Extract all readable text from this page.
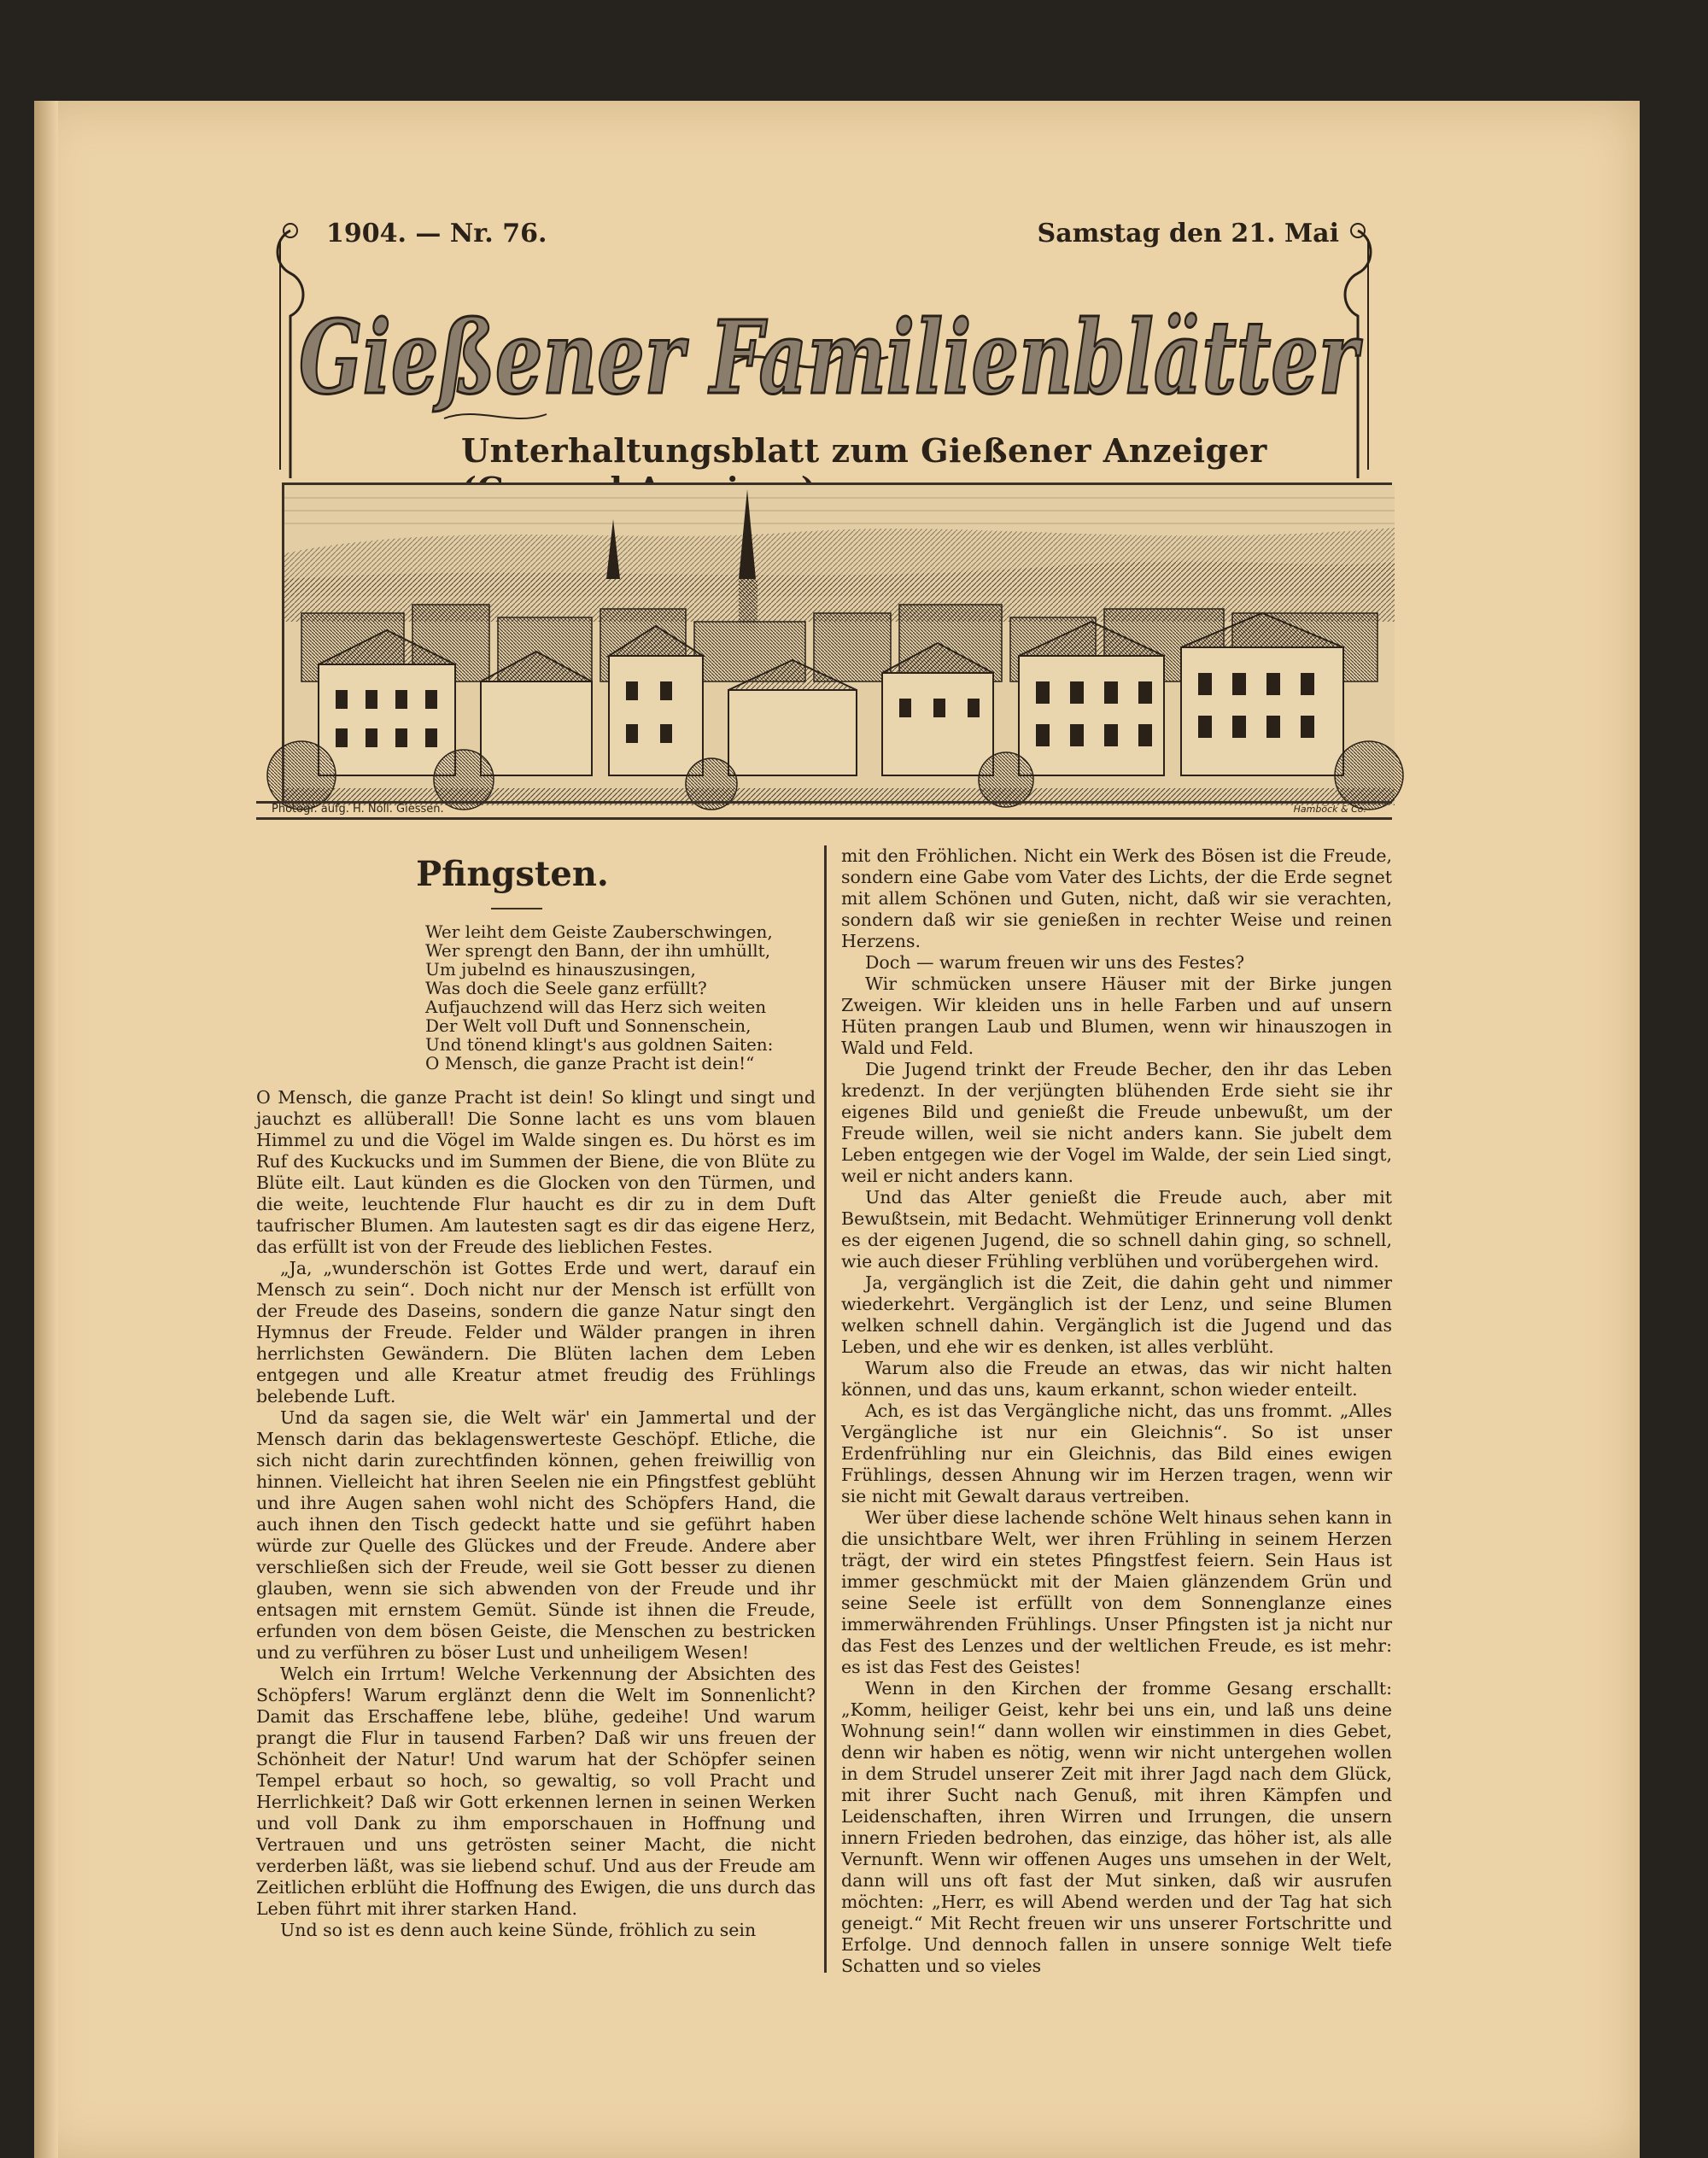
1904. — Nr. 76.	Samstag den 21. Mai
Gießener Familienblätter
Unterhaltungsblatt zum Gießener Anzeiger
Photogr. aufg. H. Noll. Giessen.	Hamböck & Co.
Pfingsten.
Wer leiht dem Geiste Zauberschwingen,
Wer sprengt den Bann, der ihn umhüllt,
Um jubelnd es hinauszusingen,
Was doch die Seele ganz erfüllt?
Aufjauchzend will das Herz sich weiten
Der Welt voll Duft und Sonnenschein,
Und tönend klingt's aus goldnen Saiten:
O Mensch, die ganze Pracht ist dein!“

O Mensch, die ganze Pracht ist dein! So klingt und singt und jauchzt es allüberall! Die Sonne lacht es uns vom blauen Himmel zu und die Vögel im Walde singen es. Du hörst es im Ruf des Kuckucks und im Summen der Biene, die von Blüte zu Blüte eilt. Laut künden es die Glocken von den Türmen, und die weite, leuchtende Flur haucht es dir zu in dem Duft taufrischer Blumen. Am lautesten sagt es dir das eigene Herz, das erfüllt ist von der Freude des lieblichen Festes.

„Ja, „wunderschön ist Gottes Erde und wert, darauf ein Mensch zu sein“. Doch nicht nur der Mensch ist erfüllt von der Freude des Daseins, sondern die ganze Natur singt den Hymnus der Freude. Felder und Wälder prangen in ihren herrlichsten Gewändern. Die Blüten lachen dem Leben entgegen und alle Kreatur atmet freudig des Frühlings belebende Luft.

Und da sagen sie, die Welt wär' ein Jammertal und der Mensch darin das beklagenswerteste Geschöpf. Etliche, die sich nicht darin zurechtfinden können, gehen freiwillig von hinnen. Vielleicht hat ihren Seelen nie ein Pfingstfest geblüht und ihre Augen sahen wohl nicht des Schöpfers Hand, die auch ihnen den Tisch gedeckt hatte und sie geführt haben würde zur Quelle des Glückes und der Freude. Andere aber verschließen sich der Freude, weil sie Gott besser zu dienen glauben, wenn sie sich abwenden von der Freude und ihr entsagen mit ernstem Gemüt. Sünde ist ihnen die Freude, erfunden von dem bösen Geiste, die Menschen zu bestricken und zu verführen zu böser Lust und unheiligem Wesen!

Welch ein Irrtum! Welche Verkennung der Absichten des Schöpfers! Warum erglänzt denn die Welt im Sonnenlicht? Damit das Erschaffene lebe, blühe, gedeihe! Und warum prangt die Flur in tausend Farben? Daß wir uns freuen der Schönheit der Natur! Und warum hat der Schöpfer seinen Tempel erbaut so hoch, so gewaltig, so voll Pracht und Herrlichkeit? Daß wir Gott erkennen lernen in seinen Werken und voll Dank zu ihm emporschauen in Hoffnung und Vertrauen und uns getrösten seiner Macht, die nicht verderben läßt, was sie liebend schuf. Und aus der Freude am Zeitlichen erblüht die Hoffnung des Ewigen, die uns durch das Leben führt mit ihrer starken Hand.

Und so ist es denn auch keine Sünde, fröhlich zu sein

mit den Fröhlichen. Nicht ein Werk des Bösen ist die Freude, sondern eine Gabe vom Vater des Lichts, der die Erde segnet mit allem Schönen und Guten, nicht, daß wir sie verachten, sondern daß wir sie genießen in rechter Weise und reinen Herzens.

Doch — warum freuen wir uns des Festes?

Wir schmücken unsere Häuser mit der Birke jungen Zweigen. Wir kleiden uns in helle Farben und auf unsern Hüten prangen Laub und Blumen, wenn wir hinauszogen in Wald und Feld.

Die Jugend trinkt der Freude Becher, den ihr das Leben kredenzt. In der verjüngten blühenden Erde sieht sie ihr eigenes Bild und genießt die Freude unbewußt, um der Freude willen, weil sie nicht anders kann. Sie jubelt dem Leben entgegen wie der Vogel im Walde, der sein Lied singt, weil er nicht anders kann.

Und das Alter genießt die Freude auch, aber mit Bewußtsein, mit Bedacht. Wehmütiger Erinnerung voll denkt es der eigenen Jugend, die so schnell dahin ging, so schnell, wie auch dieser Frühling verblühen und vorübergehen wird.

Ja, vergänglich ist die Zeit, die dahin geht und nimmer wiederkehrt. Vergänglich ist der Lenz, und seine Blumen welken schnell dahin. Vergänglich ist die Jugend und das Leben, und ehe wir es denken, ist alles verblüht.

Warum also die Freude an etwas, das wir nicht halten können, und das uns, kaum erkannt, schon wieder enteilt.

Ach, es ist das Vergängliche nicht, das uns frommt. „Alles Vergängliche ist nur ein Gleichnis“. So ist unser Erdenfrühling nur ein Gleichnis, das Bild eines ewigen Frühlings, dessen Ahnung wir im Herzen tragen, wenn wir sie nicht mit Gewalt daraus vertreiben.

Wer über diese lachende schöne Welt hinaus sehen kann in die unsichtbare Welt, wer ihren Frühling in seinem Herzen trägt, der wird ein stetes Pfingstfest feiern. Sein Haus ist immer geschmückt mit der Maien glänzendem Grün und seine Seele ist erfüllt von dem Sonnenglanze eines immerwährenden Frühlings. Unser Pfingsten ist ja nicht nur das Fest des Lenzes und der weltlichen Freude, es ist mehr: es ist das Fest des Geistes!

Wenn in den Kirchen der fromme Gesang erschallt: „Komm, heiliger Geist, kehr bei uns ein, und laß uns deine Wohnung sein!“ dann wollen wir einstimmen in dies Gebet, denn wir haben es nötig, wenn wir nicht untergehen wollen in dem Strudel unserer Zeit mit ihrer Jagd nach dem Glück, mit ihrer Sucht nach Genuß, mit ihren Kämpfen und Leidenschaften, ihren Wirren und Irrungen, die unsern innern Frieden bedrohen, das einzige, das höher ist, als alle Vernunft. Wenn wir offenen Auges uns umsehen in der Welt, dann will uns oft fast der Mut sinken, daß wir ausrufen möchten: „Herr, es will Abend werden und der Tag hat sich geneigt.“ Mit Recht freuen wir uns unserer Fortschritte und Erfolge. Und dennoch fallen in unsere sonnige Welt tiefe Schatten und so vieles
